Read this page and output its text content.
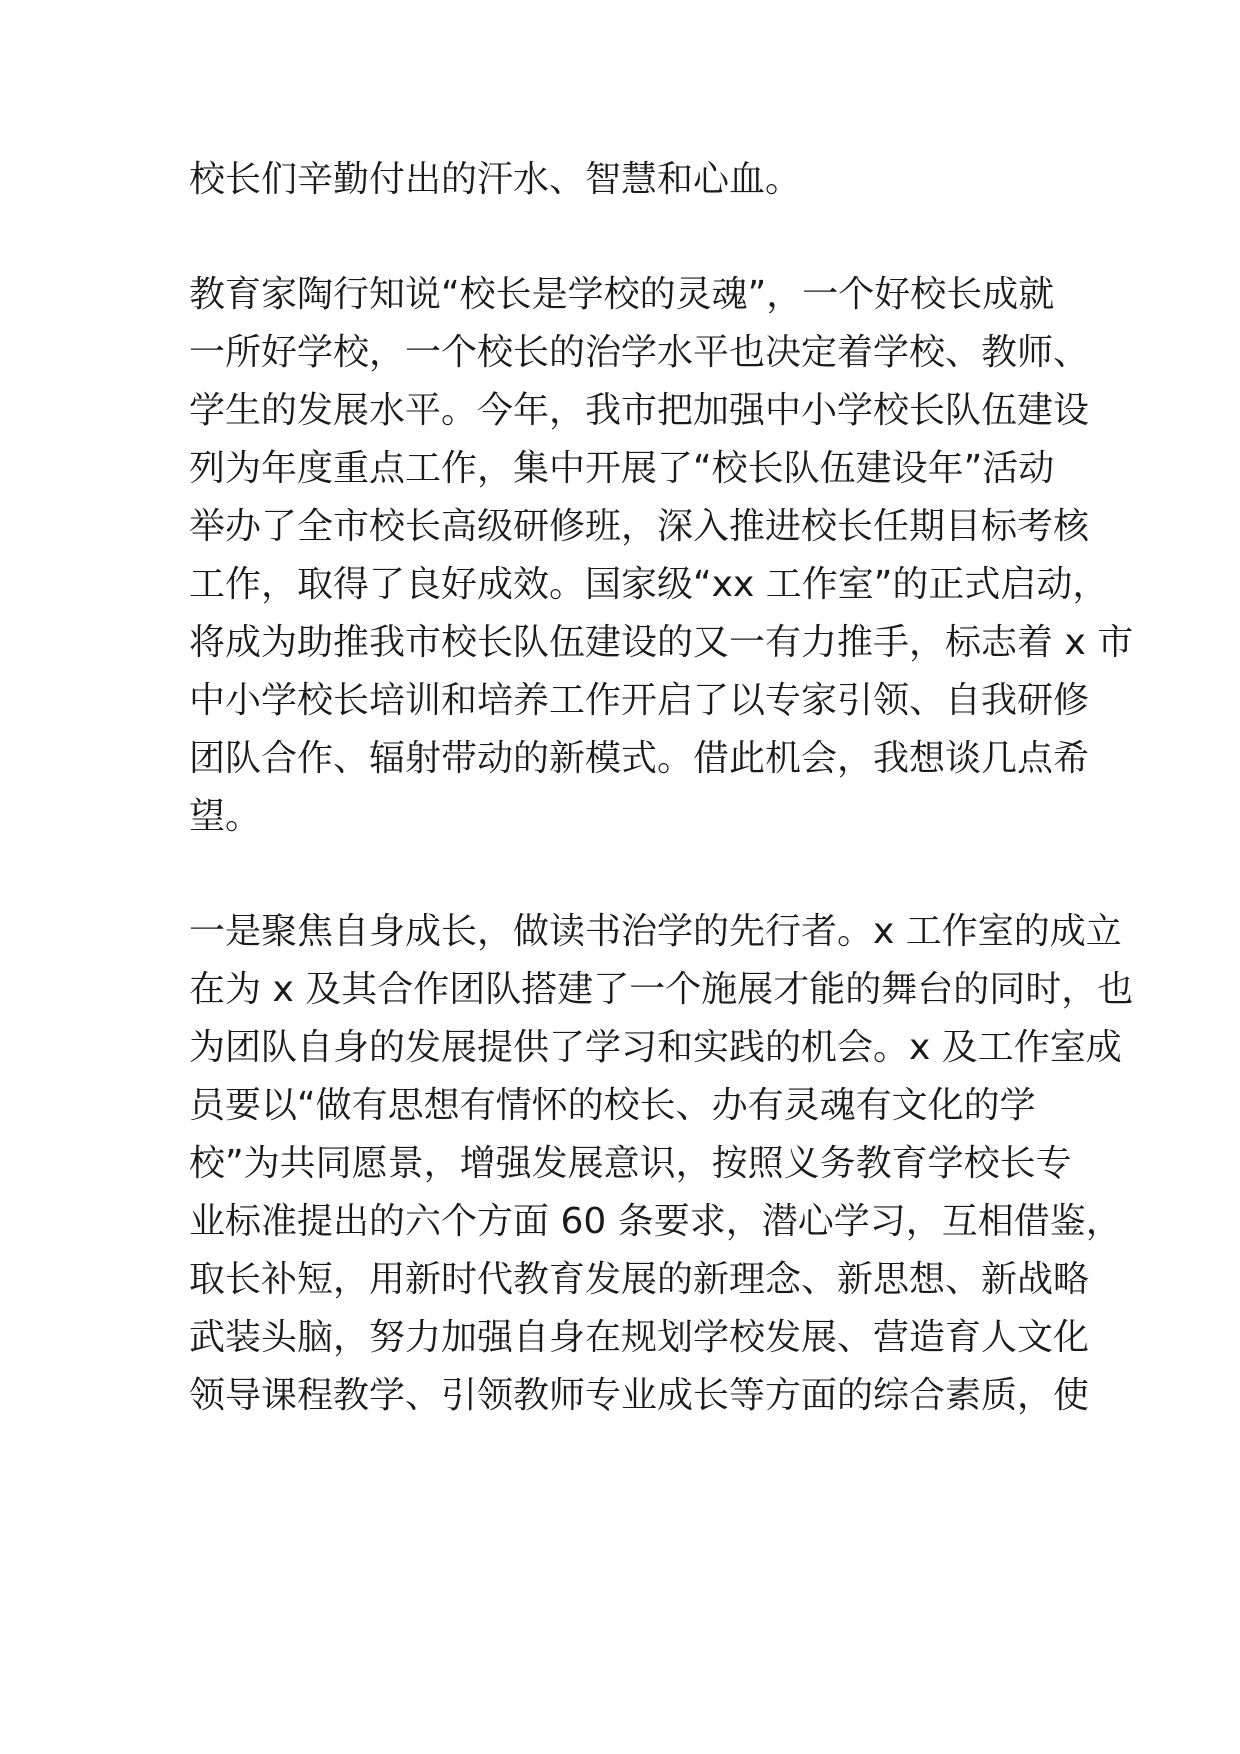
校长们辛勤付出的汗水、智慧和心血。

教育家陶行知说“校长是学校的灵魂”，一个好校长成就

一所好学校，一个校长的治学水平也决定着学校、教师、

学生的发展水平。今年，我市把加强中小学校长队伍建设

列为年度重点工作，集中开展了“校长队伍建设年”活动

举办了全市校长高级研修班，深入推进校长任期目标考核

工作，取得了良好成效。国家级“xx 工作室”的正式启动，

将成为助推我市校长队伍建设的又一有力推手，标志着 x 市

中小学校长培训和培养工作开启了以专家引领、自我研修

团队合作、辐射带动的新模式。借此机会，我想谈几点希

望。

一是聚焦自身成长，做读书治学的先行者。x 工作室的成立

在为 x 及其合作团队搭建了一个施展才能的舞台的同时，也

为团队自身的发展提供了学习和实践的机会。x 及工作室成

员要以“做有思想有情怀的校长、办有灵魂有文化的学

校”为共同愿景，增强发展意识，按照义务教育学校长专

业标准提出的六个方面 60 条要求，潜心学习，互相借鉴，

取长补短，用新时代教育发展的新理念、新思想、新战略

武装头脑，努力加强自身在规划学校发展、营造育人文化

领导课程教学、引领教师专业成长等方面的综合素质，使
